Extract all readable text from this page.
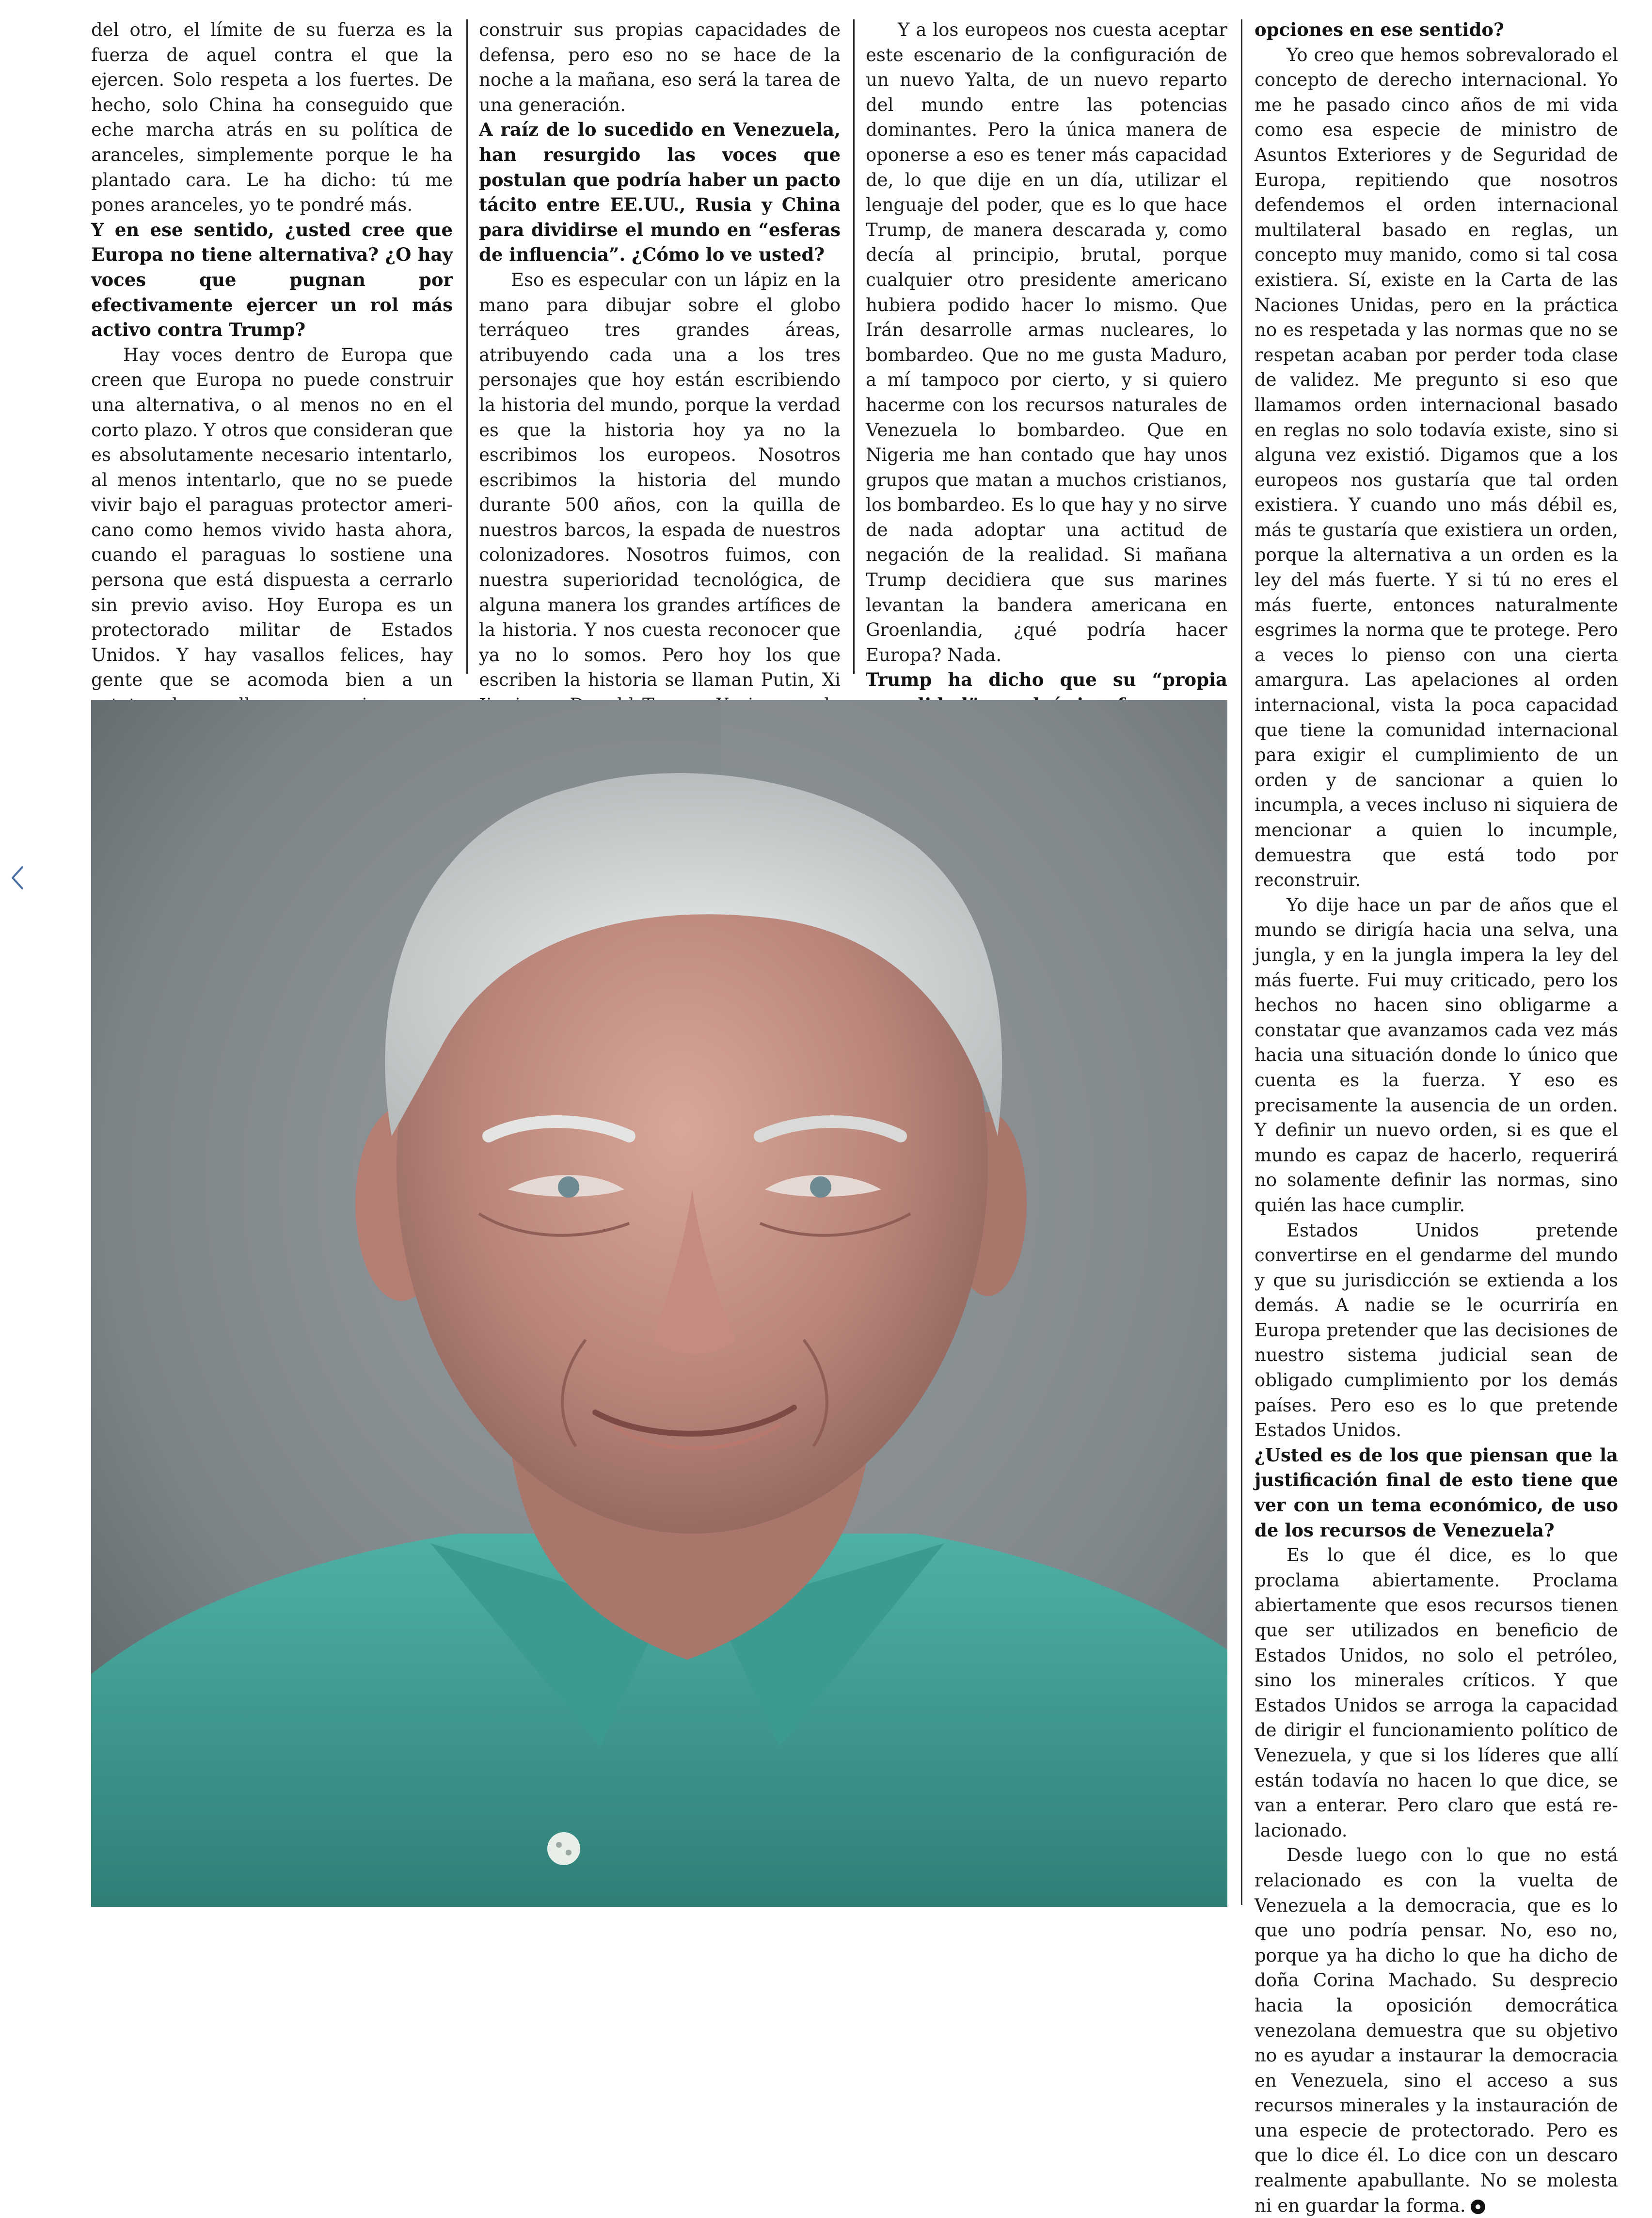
del otro, el límite de su fuerza es la fuerza de aquel contra el que la ejercen. Solo respeta a los fuertes. De hecho, solo China ha conseguido que eche marcha atrás en su política de aranceles, simplemente porque le ha plantado cara. Le ha dicho: tú me pones aranceles, yo te pondré más.

Y en ese sentido, ¿usted cree que Europa no tiene alternativa? ¿O hay voces que pugnan por efectivamente ejercer un rol más activo contra Trump?

Hay voces dentro de Europa que creen que Europa no puede construir una alternativa, o al menos no en el corto plazo. Y otros que consideran que es absolutamente necesario intentarlo, al menos intentarlo, que no se puede vivir bajo el paraguas protector americano como hemos vivido hasta ahora, cuando el paraguas lo sostiene una persona que está dispuesta a cerrarlo sin previo aviso. Hoy Europa es un protectorado militar de Estados Unidos. Y hay vasallos felices, hay gente que se acomoda bien a un

construir sus propias capacidades de defensa, pero eso no se hace de la noche a la mañana, eso será la tarea de una generación.

A raíz de lo sucedido en Venezuela, han resurgido las voces que postulan que podría haber un pacto tácito entre EE.UU., Rusia y China para dividirse el mundo en “esferas de influencia”. ¿Cómo lo ve usted?

Eso es especular con un lápiz en la mano para dibujar sobre el globo terráqueo tres grandes áreas, atribuyendo cada una a los tres personajes que hoy están escribiendo la historia del mundo, porque la verdad es que la historia hoy ya no la escribimos los europeos. Nosotros escribimos la historia del mundo durante 500 años, con la quilla de nuestros barcos, la espada de nuestros colonizadores. Nosotros fuimos, con nuestra superioridad tecnológica, de alguna manera los grandes artífices de la historia. Y nos cuesta reconocer que ya no lo somos. Pero hoy los que escriben la historia se llaman Putin, Xi

Y a los europeos nos cuesta aceptar este escenario de la configuración de un nuevo Yalta, de un nuevo reparto del mundo entre las potencias dominantes. Pero la única manera de oponerse a eso es tener más capacidad de, lo que dije en un día, utilizar el lenguaje del poder, que es lo que hace Trump, de manera descarada y, como decía al principio, brutal, porque cualquier otro presidente americano hubiera podido hacer lo mismo. Que Irán desarrolle armas nucleares, lo bombardeo. Que no me gusta Maduro, a mí tampoco por cierto, y si quiero hacerme con los recursos naturales de Venezuela lo bombardeo. Que en Nigeria me han contado que hay unos grupos que matan a muchos cristianos, los bombardeo. Es lo que hay y no sirve de nada adoptar una actitud de negación de la realidad. Si mañana Trump decidiera que sus marines levantan la bandera americana en Groenlandia, ¿qué podría hacer Europa? Nada.

Trump ha dicho que su “propia

opciones en ese sentido?

Yo creo que hemos sobrevalorado el concepto de derecho internacional. Yo me he pasado cinco años de mi vida como esa especie de ministro de Asuntos Exteriores y de Seguridad de Europa, repitiendo que nosotros defendemos el orden internacional multilateral basado en reglas, un concepto muy manido, como si tal cosa existiera. Sí, existe en la Carta de las Naciones Unidas, pero en la práctica no es respetada y las normas que no se respetan acaban por perder toda clase de validez. Me pregunto si eso que llamamos orden internacional basado en reglas no solo todavía existe, sino si alguna vez existió. Digamos que a los europeos nos gustaría que tal orden existiera. Y cuando uno más débil es, más te gustaría que existiera un orden, porque la alternativa a un orden es la ley del más fuerte. Y si tú no eres el más fuerte, entonces naturalmente esgrimes la norma que te protege. Pero a veces lo pienso con una cierta amargura. Las apelaciones al orden internacional, vista la poca capacidad que tiene la comunidad internacional para exigir el cumplimiento de un orden y de sancionar a quien lo incumpla, a veces incluso ni siquiera de mencionar a quien lo incumple, demuestra que está todo por reconstruir.

Yo dije hace un par de años que el mundo se dirigía hacia una selva, una jungla, y en la jungla impera la ley del más fuerte. Fui muy criticado, pero los hechos no hacen sino obligarme a constatar que avanzamos cada vez más hacia una situación donde lo único que cuenta es la fuerza. Y eso es precisamente la ausencia de un orden. Y definir un nuevo orden, si es que el mundo es capaz de hacerlo, requerirá no solamente definir las normas, sino quién las hace cumplir.

Estados Unidos pretende convertirse en el gendarme del mundo y que su jurisdicción se extienda a los demás. A nadie se le ocurriría en Europa pretender que las decisiones de nuestro sistema judicial sean de obligado cumplimiento por los demás países. Pero eso es lo que pretende Estados Unidos.

¿Usted es de los que piensan que la justificación final de esto tiene que ver con un tema económico, de uso de los recursos de Venezuela?

Es lo que él dice, es lo que proclama abiertamente. Proclama abiertamente que esos recursos tienen que ser utilizados en beneficio de Estados Unidos, no solo el petróleo, sino los minerales críticos. Y que Estados Unidos se arroga la capacidad de dirigir el funcionamiento político de Venezuela, y que si los líderes que allí están todavía no hacen lo que dice, se van a enterar. Pero claro que está relacionado.

Desde luego con lo que no está relacionado es con la vuelta de Venezuela a la democracia, que es lo que uno podría pensar. No, eso no, porque ya ha dicho lo que ha dicho de doña Corina Machado. Su desprecio hacia la oposición democrática venezolana demuestra que su objetivo no es ayudar a instaurar la democracia en Venezuela, sino el acceso a sus recursos minerales y la instauración de una especie de protectorado. Pero es que lo dice él. Lo dice con un descaro realmente apabullante. No se molesta ni en guardar la forma.
